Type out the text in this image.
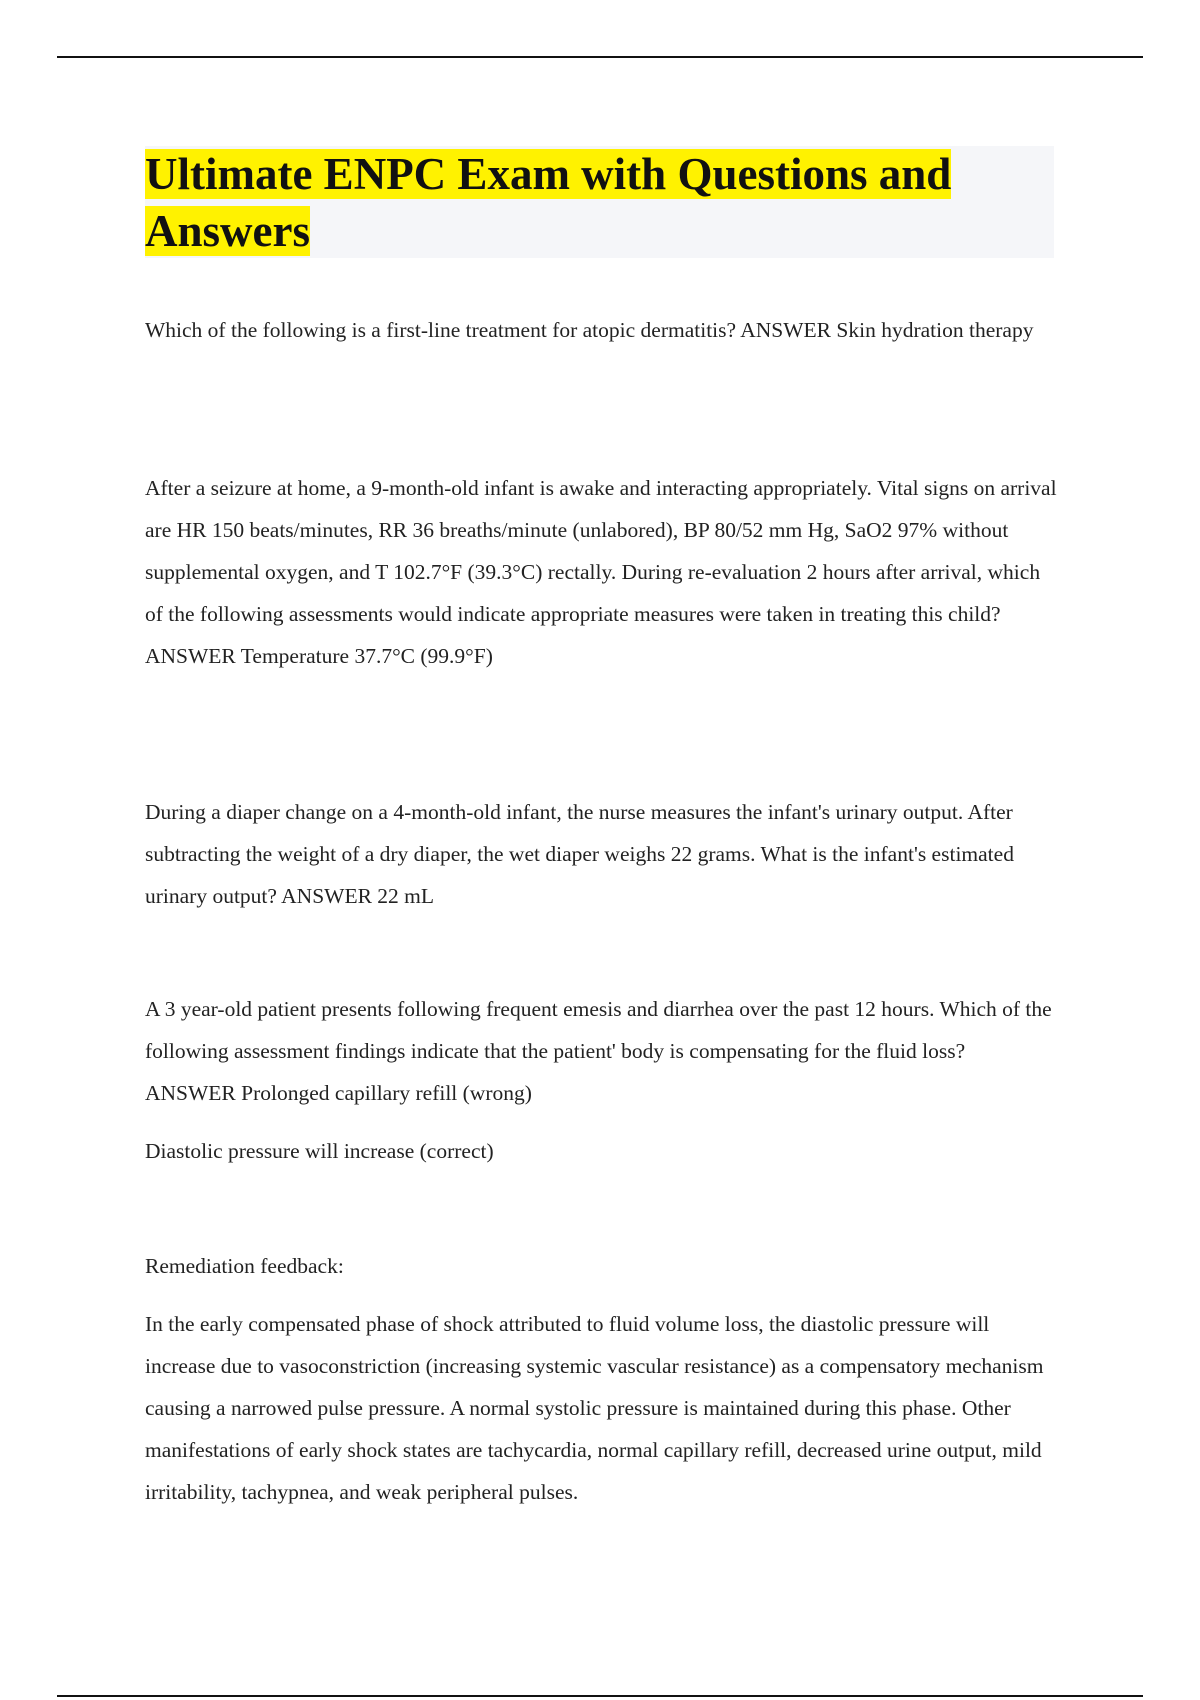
Ultimate ENPC Exam with Questions and
Answers

Which of the following is a first-line treatment for atopic dermatitis? ANSWER Skin hydration therapy

After a seizure at home, a 9-month-old infant is awake and interacting appropriately. Vital signs on arrival are HR 150 beats/minutes, RR 36 breaths/minute (unlabored), BP 80/52 mm Hg, SaO2 97% without supplemental oxygen, and T 102.7°F (39.3°C) rectally. During re-evaluation 2 hours after arrival, which of the following assessments would indicate appropriate measures were taken in treating this child? ANSWER Temperature 37.7°C (99.9°F)

During a diaper change on a 4-month-old infant, the nurse measures the infant's urinary output. After subtracting the weight of a dry diaper, the wet diaper weighs 22 grams. What is the infant's estimated urinary output? ANSWER 22 mL

A 3 year-old patient presents following frequent emesis and diarrhea over the past 12 hours. Which of the following assessment findings indicate that the patient' body is compensating for the fluid loss? ANSWER Prolonged capillary refill (wrong)

Diastolic pressure will increase (correct)

Remediation feedback:

In the early compensated phase of shock attributed to fluid volume loss, the diastolic pressure will increase due to vasoconstriction (increasing systemic vascular resistance) as a compensatory mechanism causing a narrowed pulse pressure. A normal systolic pressure is maintained during this phase. Other manifestations of early shock states are tachycardia, normal capillary refill, decreased urine output, mild irritability, tachypnea, and weak peripheral pulses.
